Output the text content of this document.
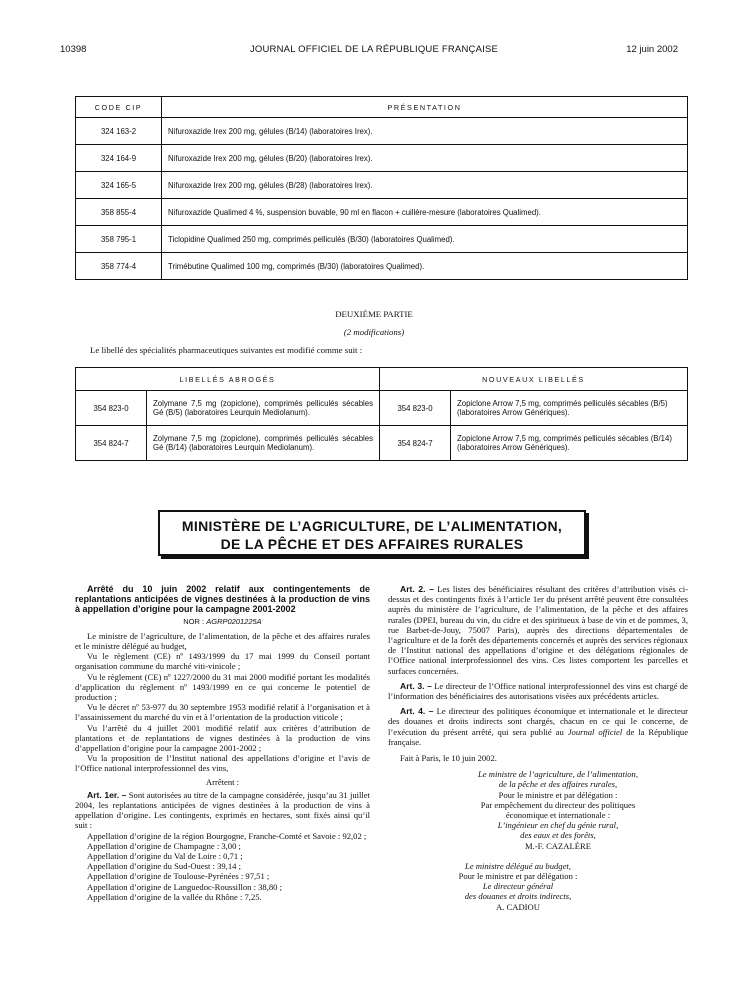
10398	JOURNAL OFFICIEL DE LA RÉPUBLIQUE FRANÇAISE	12 juin 2002
CODE CIP	PRÉSENTATION
324 163-2	Nifuroxazide Irex 200 mg, gélules (B/14) (laboratoires Irex).
324 164-9	Nifuroxazide Irex 200 mg, gélules (B/20) (laboratoires Irex).
324 165-5	Nifuroxazide Irex 200 mg, gélules (B/28) (laboratoires Irex).
358 855-4	Nifuroxazide Qualimed 4 %, suspension buvable, 90 ml en flacon + cuillère-mesure (laboratoires Qualimed).
358 795-1	Ticlopidine Qualimed 250 mg, comprimés pelliculés (B/30) (laboratoires Qualimed).
358 774-4	Trimébutine Qualimed 100 mg, comprimés (B/30) (laboratoires Qualimed).
DEUXIÈME PARTIE
(2 modifications)
Le libellé des spécialités pharmaceutiques suivantes est modifié comme suit :
LIBELLÉS ABROGÉS		NOUVEAUX LIBELLÉS	
354 823-0	Zolymane 7,5 mg (zopiclone), comprimés pelliculés sécables Gé (B/5) (laboratoires Leurquin Mediolanum).	354 823-0	Zopiclone Arrow 7,5 mg, comprimés pelliculés sécables (B/5) (laboratoires Arrow Génériques).
354 824-7	Zolymane 7,5 mg (zopiclone), comprimés pelliculés sécables Gé (B/14) (laboratoires Leurquin Mediolanum).	354 824-7	Zopiclone Arrow 7,5 mg, comprimés pelliculés sécables (B/14) (laboratoires Arrow Génériques).
MINISTÈRE DE L’AGRICULTURE, DE L’ALIMENTATION,
DE LA PÊCHE ET DES AFFAIRES RURALES

Arrêté du 10 juin 2002 relatif aux contingentements de replantations anticipées de vignes destinées à la production de vins à appellation d’origine pour la campagne 2001-2002

NOR : AGRP0201225A

Le ministre de l’agriculture, de l’alimentation, de la pêche et des affaires rurales et le ministre délégué au budget,

Vu le règlement (CE) nº 1493/1999 du 17 mai 1999 du Conseil portant organisation commune du marché viti-vinicole ;

Vu le règlement (CE) nº 1227/2000 du 31 mai 2000 modifié portant les modalités d’application du règlement nº 1493/1999 en ce qui concerne le potentiel de production ;

Vu le décret nº 53-977 du 30 septembre 1953 modifié relatif à l’organisation et à l’assainissement du marché du vin et à l’orientation de la production viticole ;

Vu l’arrêté du 4 juillet 2001 modifié relatif aux critères d’attribution de plantations et de replantations de vignes destinées à la production de vins d’appellation d’origine pour la campagne 2001-2002 ;

Vu la proposition de l’Institut national des appellations d’origine et l’avis de l’Office national interprofessionnel des vins,

Arrêtent :

Art. 1er. – Sont autorisées au titre de la campagne considérée, jusqu’au 31 juillet 2004, les replantations anticipées de vignes destinées à la production de vins à appellation d’origine. Les contingents, exprimés en hectares, sont fixés ainsi qu’il suit :

Appellation d’origine de la région Bourgogne, Franche-Comté et Savoie : 92,02 ;

Appellation d’origine de Champagne : 3,00 ;

Appellation d’origine du Val de Loire : 0,71 ;

Appellation d’origine du Sud-Ouest : 39,14 ;

Appellation d’origine de Toulouse-Pyrénées : 97,51 ;

Appellation d’origine de Languedoc-Roussillon : 38,80 ;

Appellation d’origine de la vallée du Rhône : 7,25.

Art. 2. – Les listes des bénéficiaires résultant des critères d’attribution visés ci-dessus et des contingents fixés à l’article 1er du présent arrêté peuvent être consultées auprès du ministère de l’agriculture, de l’alimentation, de la pêche et des affaires rurales (DPEI, bureau du vin, du cidre et des spiritueux à base de vin et de pommes, 3, rue Barbet-de-Jouy, 75007 Paris), auprès des directions départementales de l’agriculture et de la forêt des départements concernés et auprès des services régionaux de l’Institut national des appellations d’origine et des délégations régionales de l’Office national interprofessionnel des vins. Ces listes comportent les parcelles et surfaces concernées.

Art. 3. – Le directeur de l’Office national interprofessionnel des vins est chargé de l’information des bénéficiaires des autorisations visées aux précédents articles.

Art. 4. – Le directeur des politiques économique et internationale et le directeur des douanes et droits indirects sont chargés, chacun en ce qui le concerne, de l’exécution du présent arrêté, qui sera publié au Journal officiel de la République française.

Fait à Paris, le 10 juin 2002.

Le ministre de l’agriculture, de l’alimentation,
de la pêche et des affaires rurales,
Pour le ministre et par délégation :
Par empêchement du directeur des politiques
économique et internationale :
L’ingénieur en chef du génie rural,
des eaux et des forêts,
M.-F. CAZALÈRE
Le ministre délégué au budget,
Pour le ministre et par délégation :
Le directeur général
des douanes et droits indirects,
A. CADIOU
